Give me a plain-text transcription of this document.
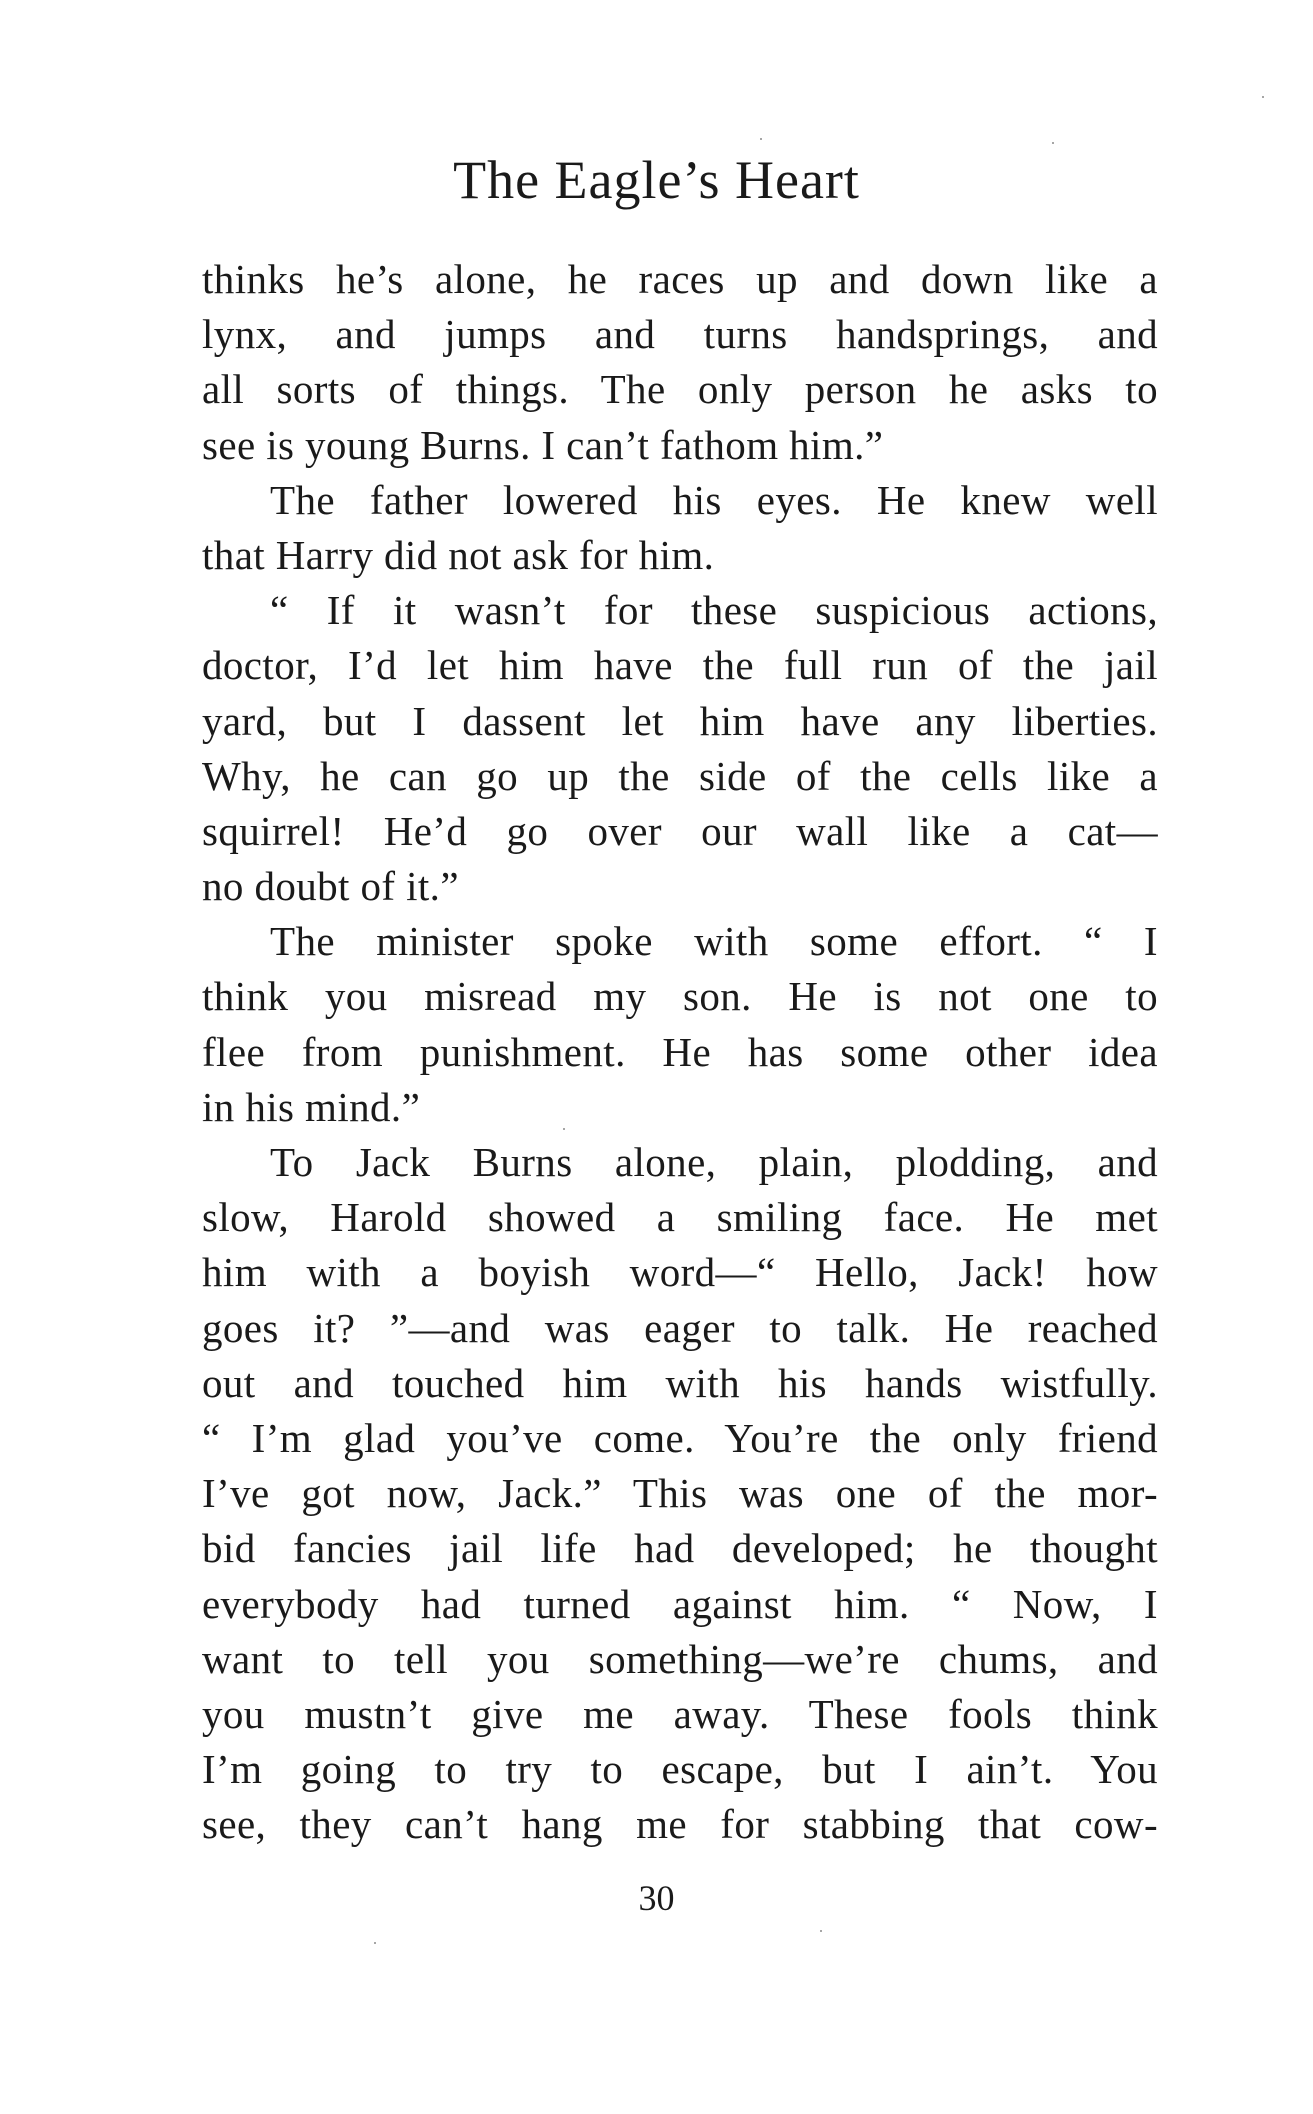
The Eagle’s Heart
thinks he’s alone, he races up and down like a
lynx, and jumps and turns handsprings, and
all sorts of things. The only person he asks to
see is young Burns. I can’t fathom him.”
The father lowered his eyes. He knew well
that Harry did not ask for him.
“ If it wasn’t for these suspicious actions,
doctor, I’d let him have the full run of the jail
yard, but I dassent let him have any liberties.
Why, he can go up the side of the cells like a
squirrel! He’d go over our wall like a cat—
no doubt of it.”
The minister spoke with some effort. “ I
think you misread my son. He is not one to
flee from punishment. He has some other idea
in his mind.”
To Jack Burns alone, plain, plodding, and
slow, Harold showed a smiling face. He met
him with a boyish word—“ Hello, Jack! how
goes it? ”—and was eager to talk. He reached
out and touched him with his hands wistfully.
“ I’m glad you’ve come. You’re the only friend
I’ve got now, Jack.” This was one of the mor-
bid fancies jail life had developed; he thought
everybody had turned against him. “ Now, I
want to tell you something—we’re chums, and
you mustn’t give me away. These fools think
I’m going to try to escape, but I ain’t. You
see, they can’t hang me for stabbing that cow-
30
